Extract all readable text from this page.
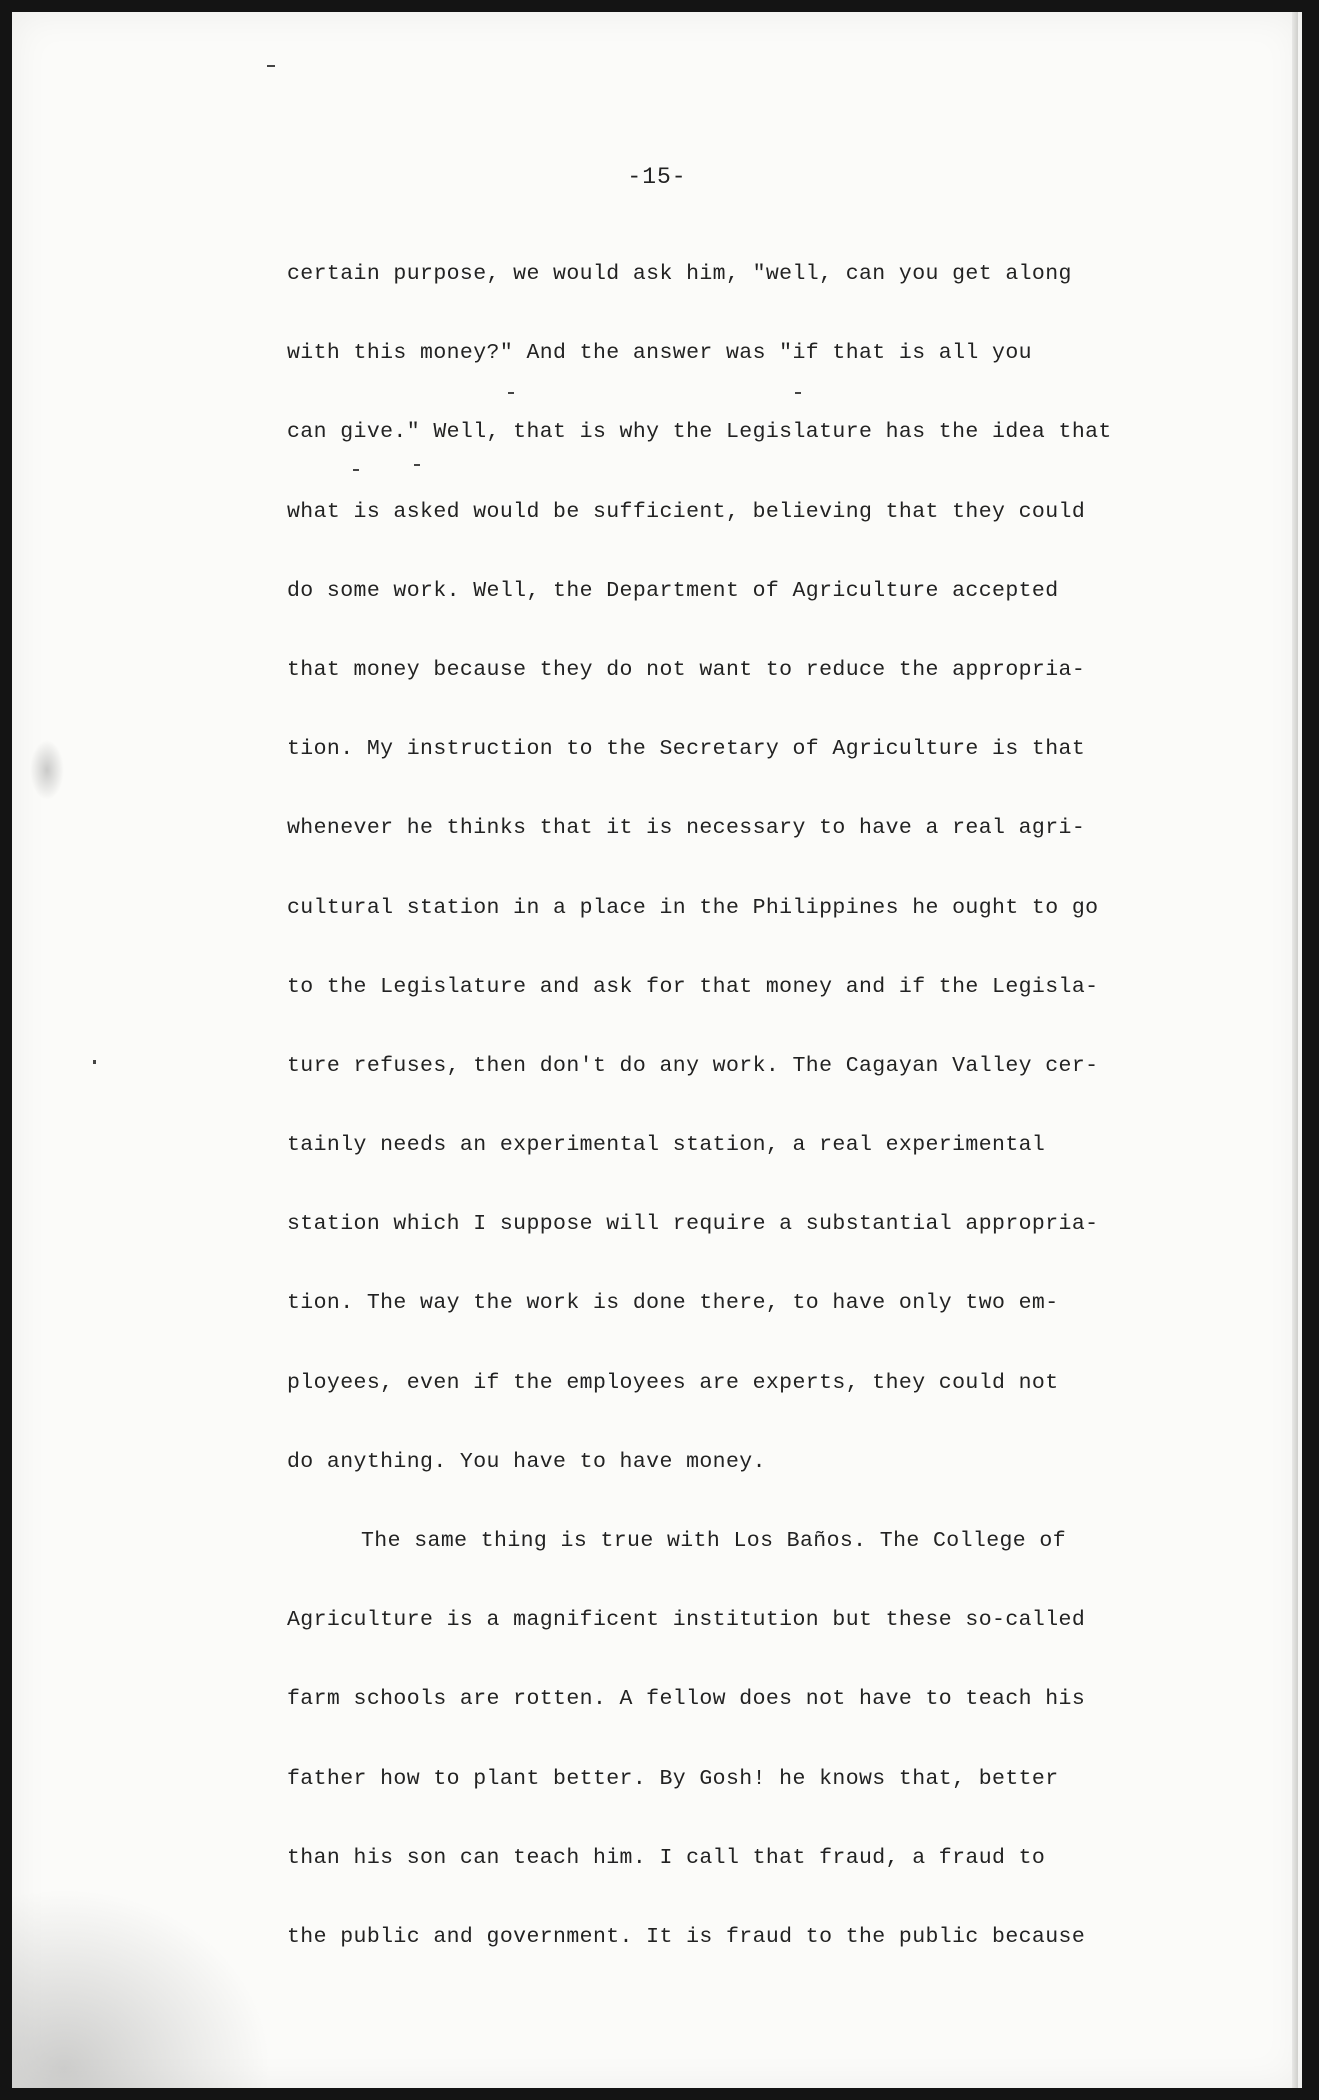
-15-
certain purpose, we would ask him, "well, can you get along
with this money?" And the answer was "if that is all you
can give." Well, that is why the Legislature has the idea that
what is asked would be sufficient, believing that they could
do some work. Well, the Department of Agriculture accepted
that money because they do not want to reduce the appropria-
tion. My instruction to the Secretary of Agriculture is that
whenever he thinks that it is necessary to have a real agri-
cultural station in a place in the Philippines he ought to go
to the Legislature and ask for that money and if the Legisla-
ture refuses, then don't do any work. The Cagayan Valley cer-
tainly needs an experimental station, a real experimental
station which I suppose will require a substantial appropria-
tion. The way the work is done there, to have only two em-
ployees, even if the employees are experts, they could not
do anything. You have to have money.
The same thing is true with Los Baños. The College of
Agriculture is a magnificent institution but these so-called
farm schools are rotten. A fellow does not have to teach his
father how to plant better. By Gosh! he knows that, better
than his son can teach him. I call that fraud, a fraud to
the public and government. It is fraud to the public because
